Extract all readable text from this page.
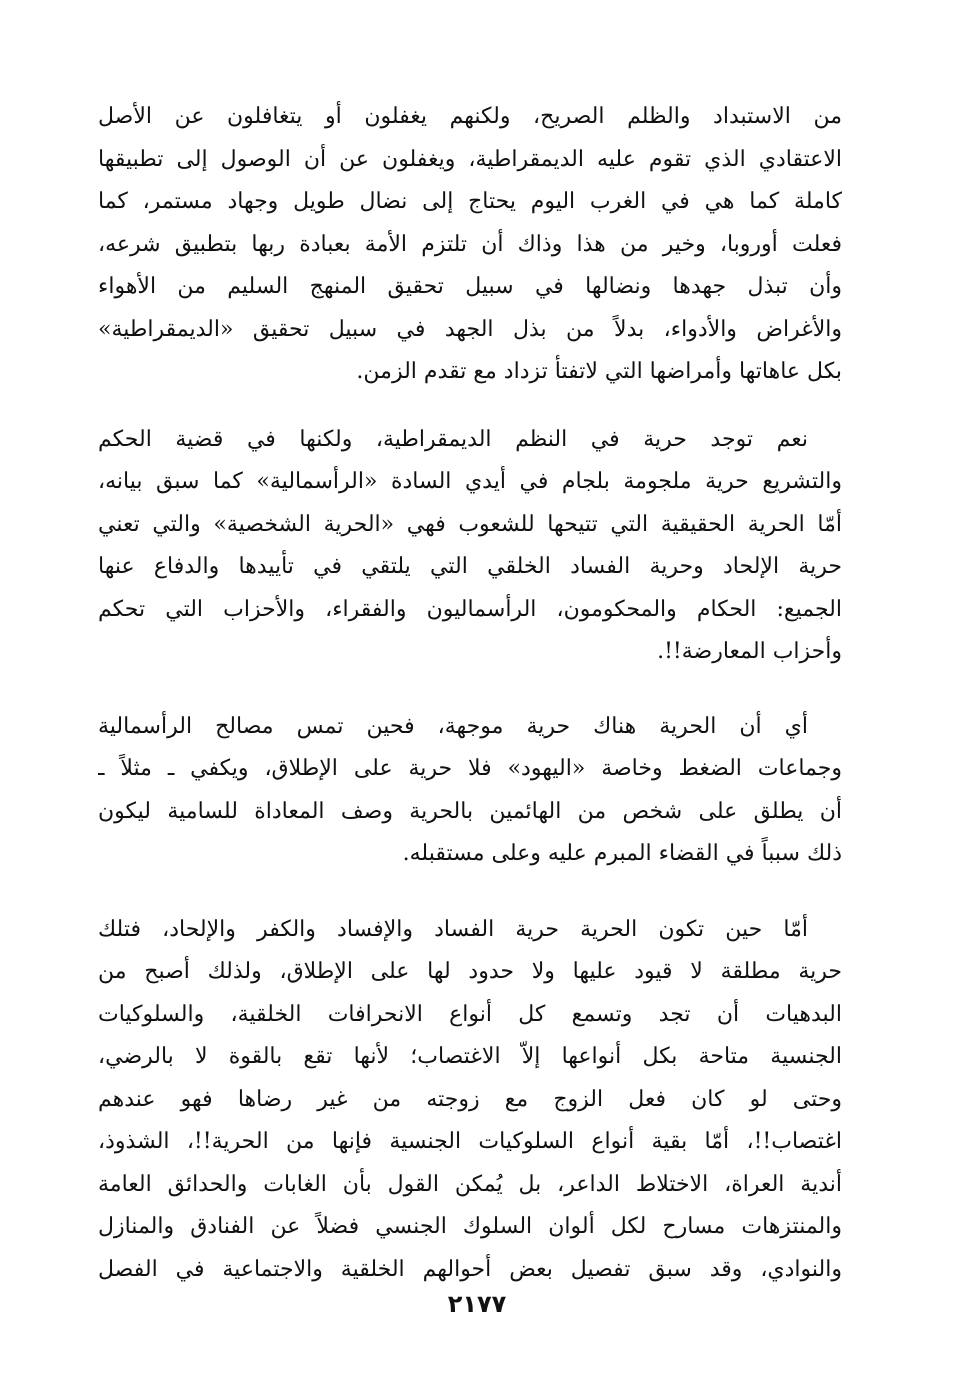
من الاستبداد والظلم الصريح، ولكنهم يغفلون أو يتغافلون عن الأصل
الاعتقادي الذي تقوم عليه الديمقراطية، ويغفلون عن أن الوصول إلى تطبيقها
كاملة كما هي في الغرب اليوم يحتاج إلى نضال طويل وجهاد مستمر، كما
فعلت أوروبا، وخير من هذا وذاك أن تلتزم الأمة بعبادة ربها بتطبيق شرعه،
وأن تبذل جهدها ونضالها في سبيل تحقيق المنهج السليم من الأهواء
والأغراض والأدواء، بدلاً من بذل الجهد في سبيل تحقيق «الديمقراطية»
بكل عاهاتها وأمراضها التي لاتفتأ تزداد مع تقدم الزمن.
نعم توجد حرية في النظم الديمقراطية، ولكنها في قضية الحكم
والتشريع حرية ملجومة بلجام في أيدي السادة «الرأسمالية» كما سبق بيانه،
أمّا الحرية الحقيقية التي تتيحها للشعوب فهي «الحرية الشخصية» والتي تعني
حرية الإلحاد وحرية الفساد الخلقي التي يلتقي في تأييدها والدفاع عنها
الجميع: الحكام والمحكومون، الرأسماليون والفقراء، والأحزاب التي تحكم
وأحزاب المعارضة!!.
أي أن الحرية هناك حرية موجهة، فحين تمس مصالح الرأسمالية
وجماعات الضغط وخاصة «اليهود» فلا حرية على الإطلاق، ويكفي ـ مثلاً ـ
أن يطلق على شخص من الهائمين بالحرية وصف المعاداة للسامية ليكون
ذلك سبباً في القضاء المبرم عليه وعلى مستقبله.
أمّا حين تكون الحرية حرية الفساد والإفساد والكفر والإلحاد، فتلك
حرية مطلقة لا قيود عليها ولا حدود لها على الإطلاق، ولذلك أصبح من
البدهيات أن تجد وتسمع كل أنواع الانحرافات الخلقية، والسلوكيات
الجنسية متاحة بكل أنواعها إلاّ الاغتصاب؛ لأنها تقع بالقوة لا بالرضي،
وحتى لو كان فعل الزوج مع زوجته من غير رضاها فهو عندهم
اغتصاب!!، أمّا بقية أنواع السلوكيات الجنسية فإنها من الحرية!!، الشذوذ،
أندية العراة، الاختلاط الداعر، بل يُمكن القول بأن الغابات والحدائق العامة
والمنتزهات مسارح لكل ألوان السلوك الجنسي فضلاً عن الفنادق والمنازل
والنوادي، وقد سبق تفصيل بعض أحوالهم الخلقية والاجتماعية في الفصل
٢١٧٧
